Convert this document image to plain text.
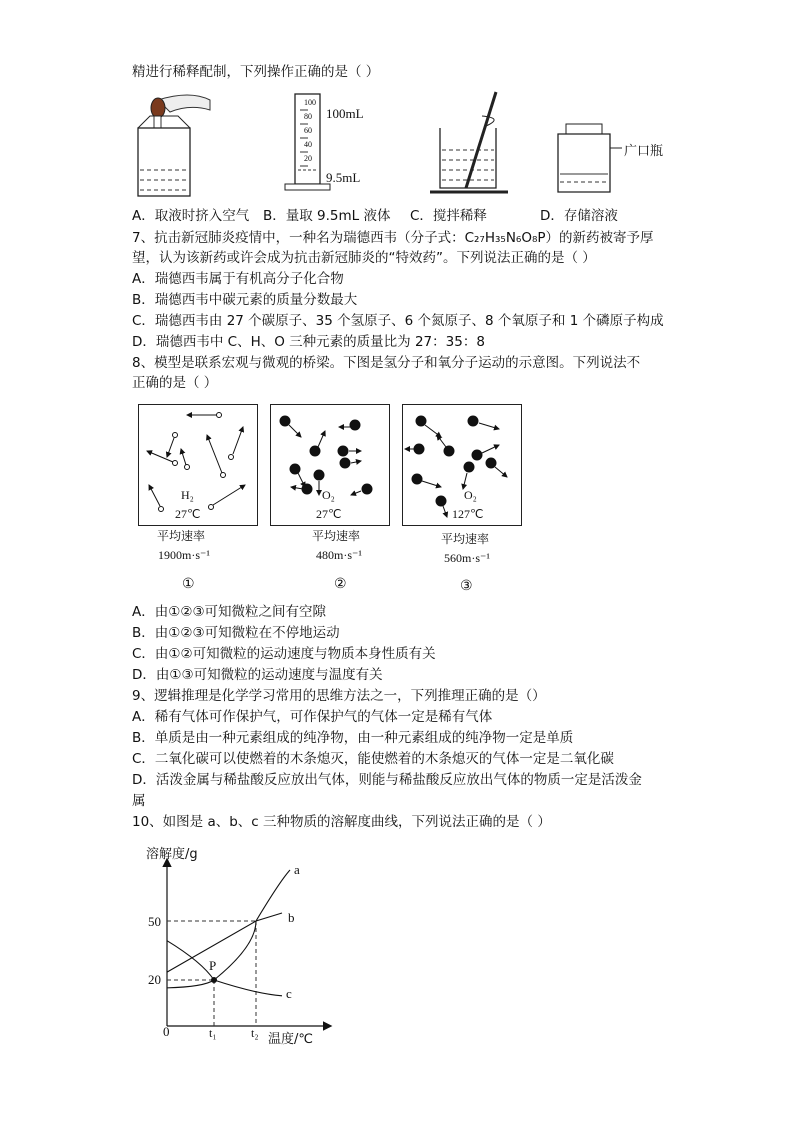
精进行稀释配制，下列操作正确的是（ ）
100
80
60
40
20
100mL
9.5mL
广口瓶
A．取液时挤入空气 B．量取 9.5mL 液体 C．搅拌稀释	D．存储溶液
7、抗击新冠肺炎疫情中，一种名为瑞德西韦（分子式：C₂₇H₃₅N₆O₈P）的新药被寄予厚
望，认为该新药或许会成为抗击新冠肺炎的“特效药”。下列说法正确的是（ ）
A．瑞德西韦属于有机高分子化合物
B．瑞德西韦中碳元素的质量分数最大
C．瑞德西韦由 27 个碳原子、35 个氢原子、6 个氮原子、8 个氧原子和 1 个磷原子构成
D．瑞德西韦中 C、H、O 三种元素的质量比为 27：35：8
8、模型是联系宏观与微观的桥梁。下图是氢分子和氧分子运动的示意图。下列说法不
正确的是（ ）
H₂
27℃
O₂
27℃
O₂
127℃
平均速率
1900m·s⁻¹
①
平均速率
480m·s⁻¹
②
平均速率
560m·s⁻¹
③
A．由①②③可知微粒之间有空隙
B．由①②③可知微粒在不停地运动
C．由①②可知微粒的运动速度与物质本身性质有关
D．由①③可知微粒的运动速度与温度有关
9、逻辑推理是化学学习常用的思维方法之一，下列推理正确的是（）
A．稀有气体可作保护气，可作保护气的气体一定是稀有气体
B．单质是由一种元素组成的纯净物，由一种元素组成的纯净物一定是单质
C．二氧化碳可以使燃着的木条熄灭，能使燃着的木条熄灭的气体一定是二氧化碳
D．活泼金属与稀盐酸反应放出气体，则能与稀盐酸反应放出气体的物质一定是活泼金
属
10、如图是 a、b、c 三种物质的溶解度曲线，下列说法正确的是（ ）
溶解度/g
温度/℃
50
20
0	t₁	t₂
a
b
c
P
